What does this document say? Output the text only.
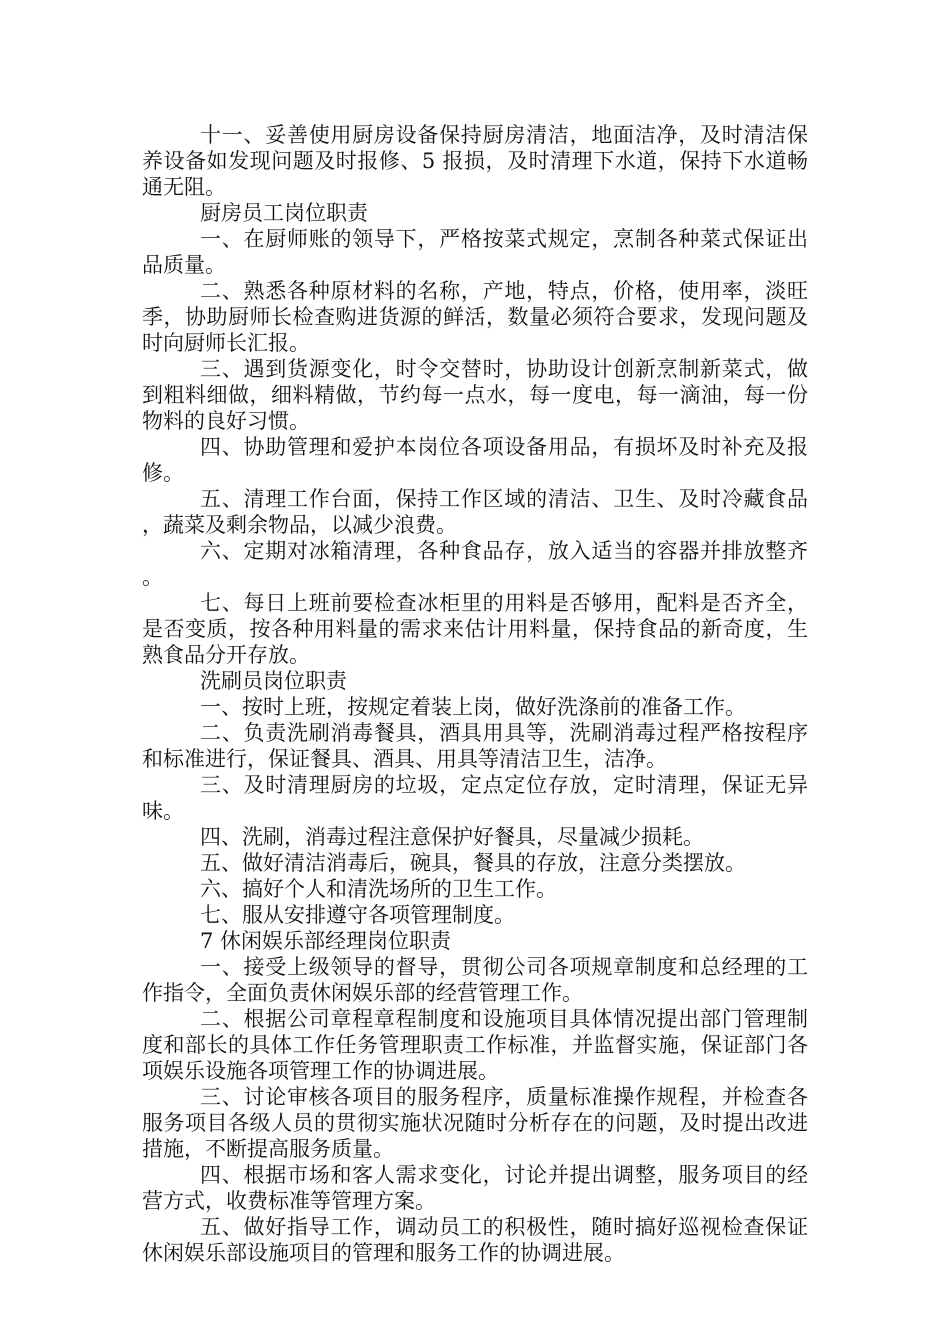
十一、妥善使用厨房设备保持厨房清洁，地面洁净，及时清洁保养设备如发现问题及时报修、5 报损，及时清理下水道，保持下水道畅通无阻。

厨房员工岗位职责

一、在厨师账的领导下，严格按菜式规定，烹制各种菜式保证出品质量。

二、熟悉各种原材料的名称，产地，特点，价格，使用率，淡旺季，协助厨师长检查购进货源的鲜活，数量必须符合要求，发现问题及时向厨师长汇报。

三、遇到货源变化，时令交替时，协助设计创新烹制新菜式，做到粗料细做，细料精做，节约每一点水，每一度电，每一滴油，每一份物料的良好习惯。

四、协助管理和爱护本岗位各项设备用品，有损坏及时补充及报修。

五、清理工作台面，保持工作区域的清洁、卫生、及时冷藏食品，蔬菜及剩余物品，以减少浪费。

六、定期对冰箱清理，各种食品存，放入适当的容器并排放整齐。

七、每日上班前要检查冰柜里的用料是否够用，配料是否齐全，是否变质，按各种用料量的需求来估计用料量，保持食品的新奇度，生熟食品分开存放。

洗刷员岗位职责

一、按时上班，按规定着装上岗，做好洗涤前的准备工作。

二、负责洗刷消毒餐具，酒具用具等，洗刷消毒过程严格按程序和标准进行，保证餐具、酒具、用具等清洁卫生，洁净。

三、及时清理厨房的垃圾，定点定位存放，定时清理，保证无异味。

四、洗刷，消毒过程注意保护好餐具，尽量减少损耗。

五、做好清洁消毒后，碗具，餐具的存放，注意分类摆放。

六、搞好个人和清洗场所的卫生工作。

七、服从安排遵守各项管理制度。

7 休闲娱乐部经理岗位职责

一、接受上级领导的督导，贯彻公司各项规章制度和总经理的工作指令，全面负责休闲娱乐部的经营管理工作。

二、根据公司章程章程制度和设施项目具体情况提出部门管理制度和部长的具体工作任务管理职责工作标准，并监督实施，保证部门各项娱乐设施各项管理工作的协调进展。

三、讨论审核各项目的服务程序，质量标准操作规程，并检查各服务项目各级人员的贯彻实施状况随时分析存在的问题，及时提出改进措施，不断提高服务质量。

四、根据市场和客人需求变化，讨论并提出调整，服务项目的经营方式，收费标准等管理方案。

五、做好指导工作，调动员工的积极性，随时搞好巡视检查保证休闲娱乐部设施项目的管理和服务工作的协调进展。
